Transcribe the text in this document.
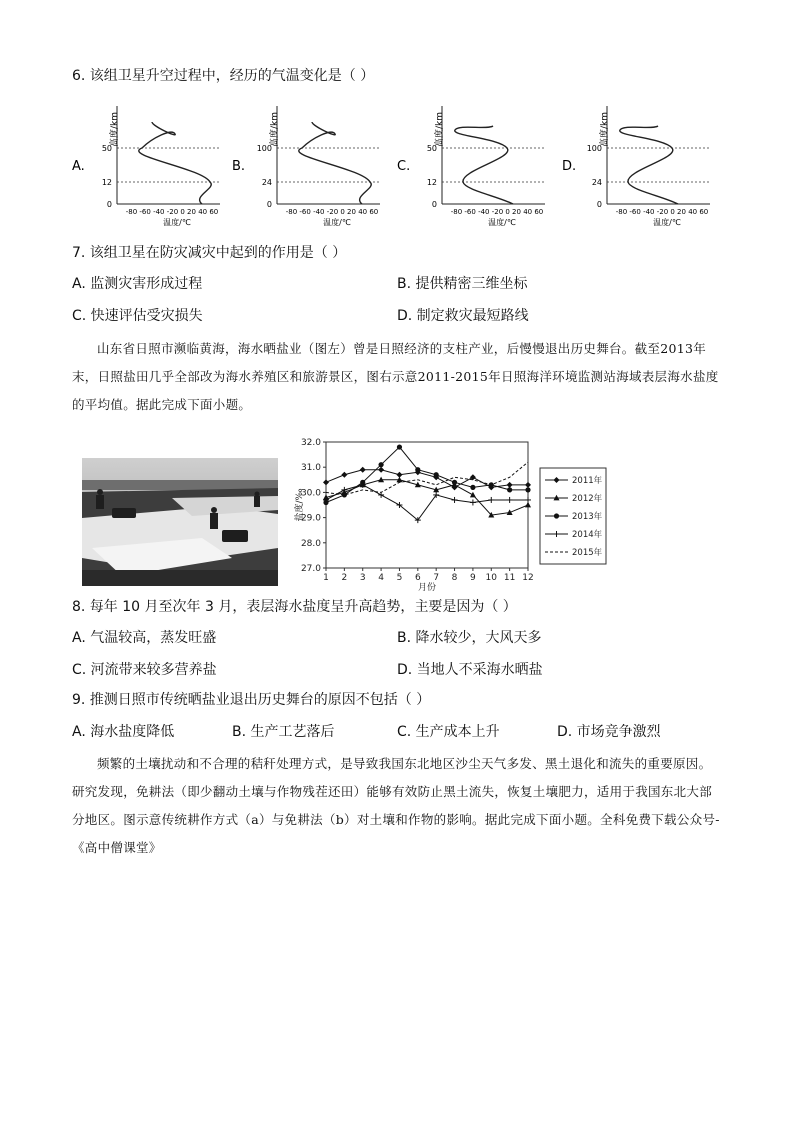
6. 该组卫星升空过程中，经历的气温变化是（ ）
A.
高度/km
0
12
50
-80 -60 -40 -20 0 20 40 60
温度/℃
B.
高度/km
0
24
100
-80 -60 -40 -20 0 20 40 60
温度/℃
C.
高度/km
0
12
50
-80 -60 -40 -20 0 20 40 60
温度/℃
D.
高度/km
0
24
100
-80 -60 -40 -20 0 20 40 60
温度/℃
7. 该组卫星在防灾减灾中起到的作用是（ ）
A. 监测灾害形成过程	B. 提供精密三维坐标
C. 快速评估受灾损失	D. 制定救灾最短路线
山东省日照市濒临黄海，海水晒盐业（图左）曾是日照经济的支柱产业，后慢慢退出历史舞台。截至2013年末，日照盐田几乎全部改为海水养殖区和旅游景区，图右示意2011-2015年日照海洋环境监测站海域表层海水盐度的平均值。据此完成下面小题。
27.0
28.0
29.0
30.0
31.0
32.0
1 2 3 4 5 6 7 8 9 10 11 12
月份
盐度/‰
2011年
2012年
2013年
2014年
2015年
8. 每年 10 月至次年 3 月，表层海水盐度呈升高趋势，主要是因为（ ）
A. 气温较高，蒸发旺盛	B. 降水较少，大风天多
C. 河流带来较多营养盐	D. 当地人不采海水晒盐
9. 推测日照市传统晒盐业退出历史舞台的原因不包括（ ）
A. 海水盐度降低	B. 生产工艺落后	C. 生产成本上升	D. 市场竞争激烈
频繁的土壤扰动和不合理的秸秆处理方式，是导致我国东北地区沙尘天气多发、黑土退化和流失的重要原因。研究发现，免耕法（即少翻动土壤与作物残茬还田）能够有效防止黑土流失，恢复土壤肥力，适用于我国东北大部分地区。图示意传统耕作方式（a）与免耕法（b）对土壤和作物的影响。据此完成下面小题。全科免费下载公众号-《高中僧课堂》
